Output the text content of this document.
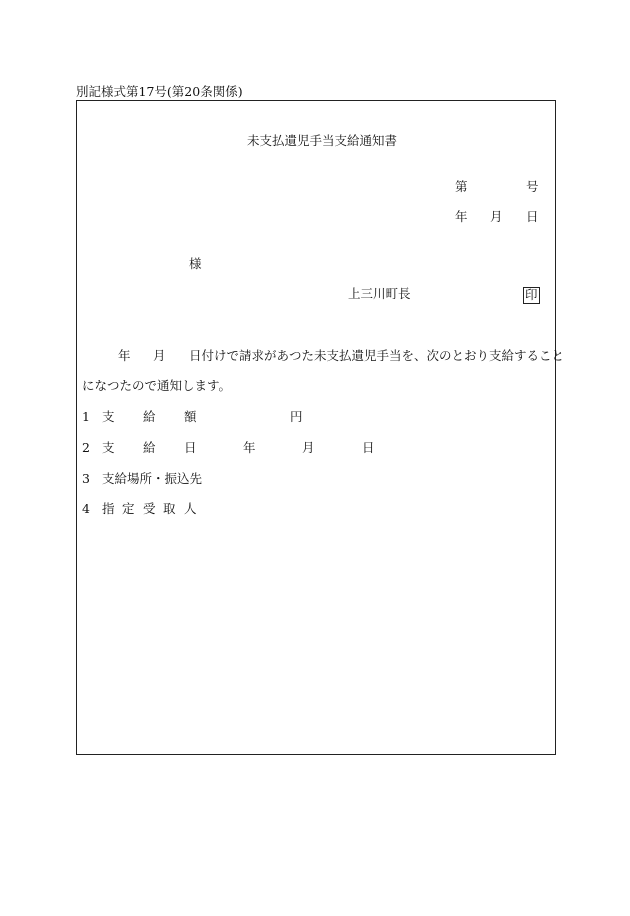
別記様式第17号(第20条関係)
未支払遺児手当支給通知書
第	号
年 月 日
様
上三川町長	印
年 月 日付けで請求があつた未支払遺児手当を、次のとおり支給すること
になつたので通知します。
1 支 給 額	円
2 支 給 日	年	月	日
3 支給場所・振込先
4 指 定 受 取 人
